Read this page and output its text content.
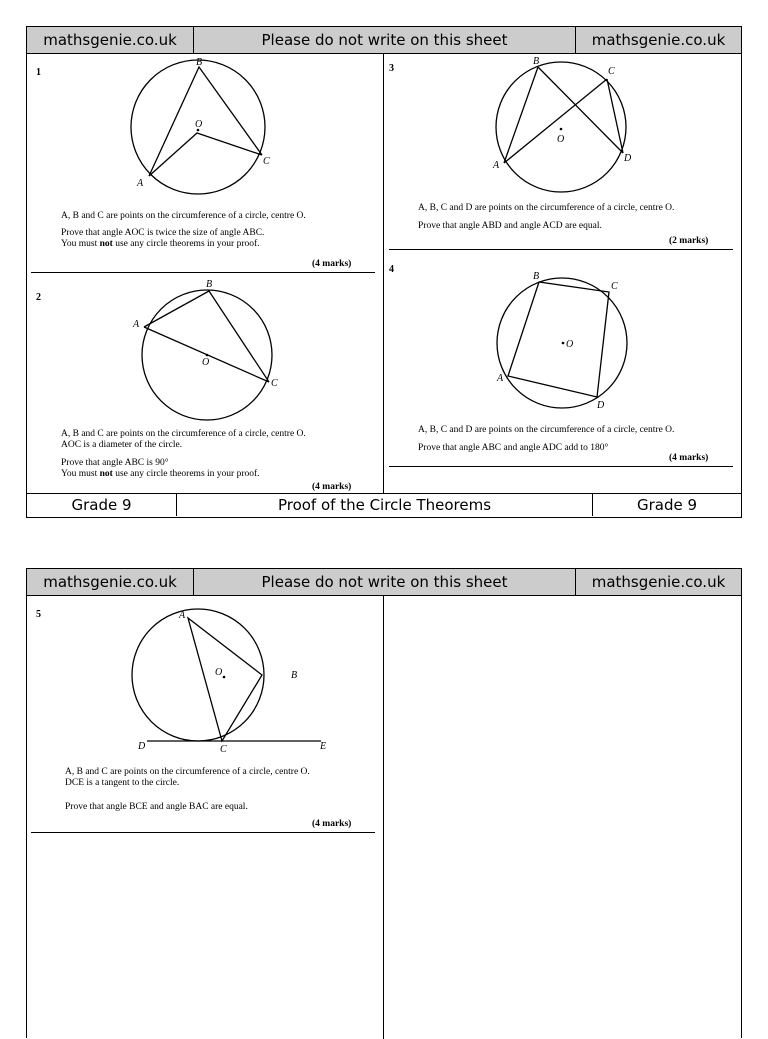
mathsgenie.co.uk	Please do not write on this sheet	mathsgenie.co.uk
1
A
B
C
O
A, B and C are points on the circumference of a circle, centre O.
Prove that angle AOC is twice the size of angle ABC.
You must not use any circle theorems in your proof.
(4 marks)
2
A
B
C
O
A, B and C are points on the circumference of a circle, centre O.
AOC is a diameter of the circle.
Prove that angle ABC is 90°
You must not use any circle theorems in your proof.
(4 marks)
3
A
B
C
D
O
A, B, C and D are points on the circumference of a circle, centre O.
Prove that angle ABD and angle ACD are equal.
(2 marks)
4
A
B
C
D
O
A, B, C and D are points on the circumference of a circle, centre O.
Prove that angle ABC and angle ADC add to 180°
(4 marks)
Grade 9	Proof of the Circle Theorems	Grade 9
mathsgenie.co.uk	Please do not write on this sheet	mathsgenie.co.uk
5	A
B
C
D	E
O
A, B and C are points on the circumference of a circle, centre O.
DCE is a tangent to the circle.
Prove that angle BCE and angle BAC are equal.
(4 marks)
